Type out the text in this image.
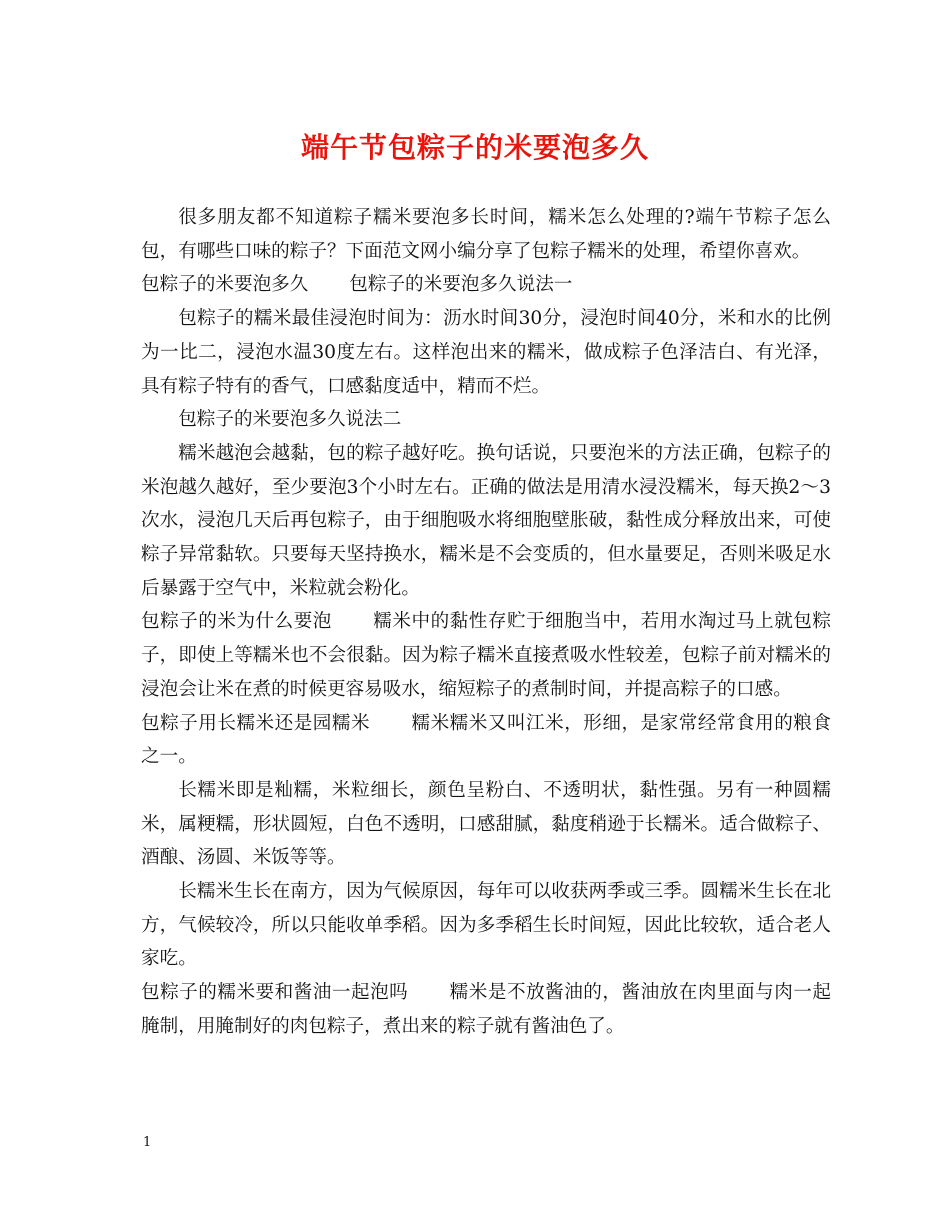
端午节包粽子的米要泡多久

很多朋友都不知道粽子糯米要泡多长时间，糯米怎么处理的?端午节粽子怎么包，有哪些口味的粽子？下面范文网小编分享了包粽子糯米的处理，希望你喜欢。

包粽子的米要泡多久 包粽子的米要泡多久说法一

包粽子的糯米最佳浸泡时间为：沥水时间30分，浸泡时间40分，米和水的比例为一比二，浸泡水温30度左右。这样泡出来的糯米，做成粽子色泽洁白、有光泽，具有粽子特有的香气，口感黏度适中，精而不烂。

包粽子的米要泡多久说法二

糯米越泡会越黏，包的粽子越好吃。换句话说，只要泡米的方法正确，包粽子的米泡越久越好，至少要泡3个小时左右。正确的做法是用清水浸没糯米，每天换2～3次水，浸泡几天后再包粽子，由于细胞吸水将细胞壁胀破，黏性成分释放出来，可使粽子异常黏软。只要每天坚持换水，糯米是不会变质的，但水量要足，否则米吸足水后暴露于空气中，米粒就会粉化。

包粽子的米为什么要泡 糯米中的黏性存贮于细胞当中，若用水淘过马上就包粽子，即使上等糯米也不会很黏。因为粽子糯米直接煮吸水性较差，包粽子前对糯米的浸泡会让米在煮的时候更容易吸水，缩短粽子的煮制时间，并提高粽子的口感。

包粽子用长糯米还是园糯米 糯米糯米又叫江米，形细，是家常经常食用的粮食之一。

长糯米即是籼糯，米粒细长，颜色呈粉白、不透明状，黏性强。另有一种圆糯米，属粳糯，形状圆短，白色不透明，口感甜腻，黏度稍逊于长糯米。适合做粽子、酒酿、汤圆、米饭等等。

长糯米生长在南方，因为气候原因，每年可以收获两季或三季。圆糯米生长在北方，气候较冷，所以只能收单季稻。因为多季稻生长时间短，因此比较软，适合老人家吃。

包粽子的糯米要和酱油一起泡吗 糯米是不放酱油的，酱油放在肉里面与肉一起腌制，用腌制好的肉包粽子，煮出来的粽子就有酱油色了。

1
